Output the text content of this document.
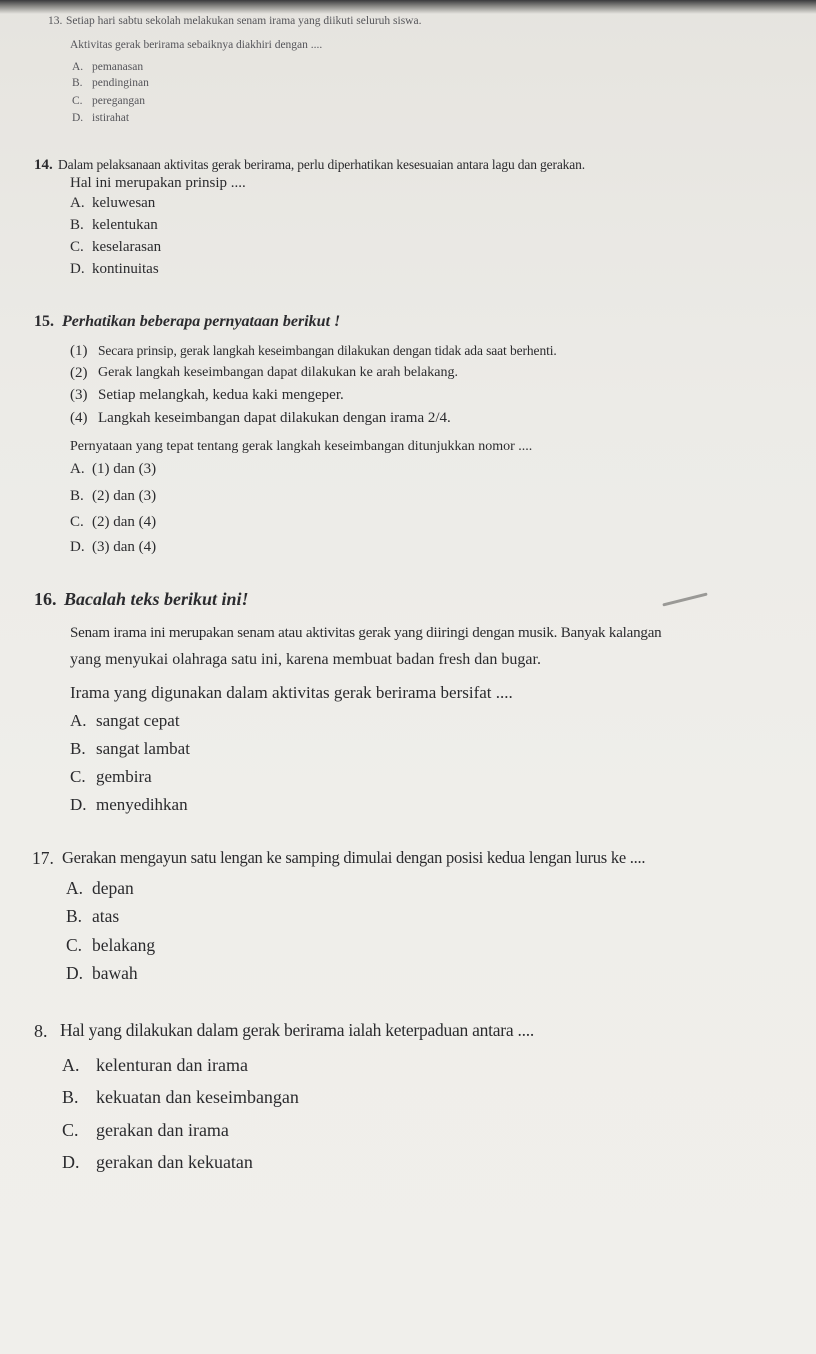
13. Setiap hari sabtu sekolah melakukan senam irama yang diikuti seluruh siswa.
Aktivitas gerak berirama sebaiknya diakhiri dengan ....
A. pemanasan
B. pendinginan
C. peregangan
D. istirahat
14. Dalam pelaksanaan aktivitas gerak berirama, perlu diperhatikan kesesuaian antara lagu dan gerakan.
Hal ini merupakan prinsip ....
A. keluwesan
B. kelentukan
C. keselarasan
D. kontinuitas
15. Perhatikan beberapa pernyataan berikut !
(1) Secara prinsip, gerak langkah keseimbangan dilakukan dengan tidak ada saat berhenti.
(2) Gerak langkah keseimbangan dapat dilakukan ke arah belakang.
(3) Setiap melangkah, kedua kaki mengeper.
(4) Langkah keseimbangan dapat dilakukan dengan irama 2/4.
Pernyataan yang tepat tentang gerak langkah keseimbangan ditunjukkan nomor ....
A. (1) dan (3)
B. (2) dan (3)
C. (2) dan (4)
D. (3) dan (4)
16. Bacalah teks berikut ini!
Senam irama ini merupakan senam atau aktivitas gerak yang diiringi dengan musik. Banyak kalangan
yang menyukai olahraga satu ini, karena membuat badan fresh dan bugar.
Irama yang digunakan dalam aktivitas gerak berirama bersifat ....
A. sangat cepat
B. sangat lambat
C. gembira
D. menyedihkan
17. Gerakan mengayun satu lengan ke samping dimulai dengan posisi kedua lengan lurus ke ....
A. depan
B. atas
C. belakang
D. bawah
8. Hal yang dilakukan dalam gerak berirama ialah keterpaduan antara ....
A. kelenturan dan irama
B. kekuatan dan keseimbangan
C. gerakan dan irama
D. gerakan dan kekuatan
